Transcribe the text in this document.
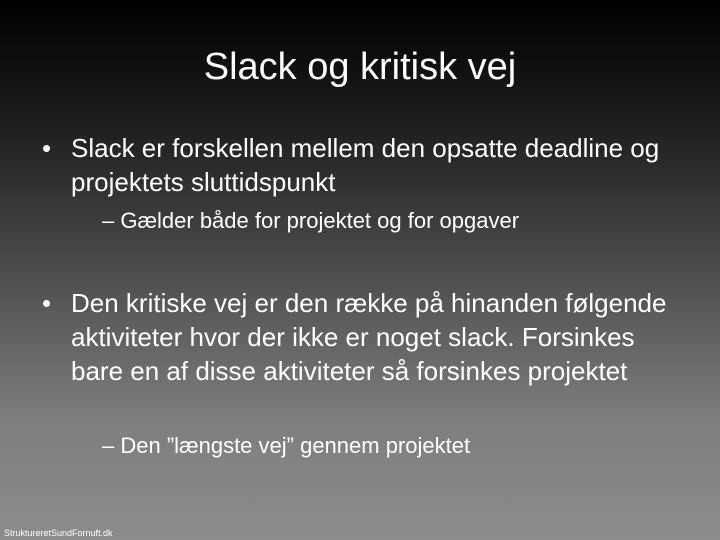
Slack og kritisk vej
• Slack er forskellen mellem den opsatte deadline og projektets sluttidspunkt
– Gælder både for projektet og for opgaver
• Den kritiske vej er den række på hinanden følgende aktiviteter hvor der ikke er noget slack. Forsinkes bare en af disse aktiviteter så forsinkes projektet
– Den ”længste vej” gennem projektet
StruktureretSundFornuft.dk
